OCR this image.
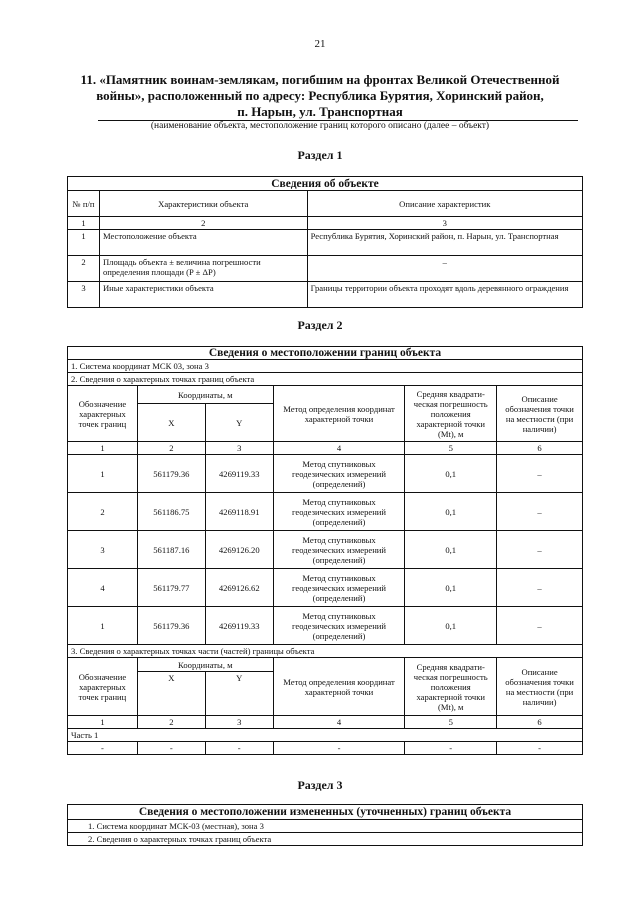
21
11. «Памятник воинам-землякам, погибшим на фронтах Великой Отечественной
войны», расположенный по адресу: Республика Бурятия, Хоринский район,
п. Нарын, ул. Транспортная
(наименование объекта, местоположение границ которого описано (далее – объект)
Раздел 1
Сведения об объекте		
№ п/п	Характеристики объекта	Описание характеристик
1	2	3
1	Местоположение объекта	Республика Бурятия, Хоринский район, п. Нарын, ул. Транспортная
2	Площадь объекта ± величина погрешности определения площади (P ± ΔP)	–
3	Иные характеристики объекта	Границы территории объекта проходят вдоль деревянного ограждения
Раздел 2
Сведения о местоположении границ объекта					
1. Система координат МСК 03, зона 3					
2. Сведения о характерных точках границ объекта					
Обозначение характерных точек границ	Координаты, м		Метод определения координат характерной точки	Средняя квадрати-ческая погрешность положения характерной точки (Mt), м	Описание обозначения точки на местности (при наличии)
	X	Y			
1	2	3	4	5	6
1	561179.36	4269119.33	Метод спутниковых геодезических измерений (определений)	0,1	–
2	561186.75	4269118.91	Метод спутниковых геодезических измерений (определений)	0,1	–
3	561187.16	4269126.20	Метод спутниковых геодезических измерений (определений)	0,1	–
4	561179.77	4269126.62	Метод спутниковых геодезических измерений (определений)	0,1	–
1	561179.36	4269119.33	Метод спутниковых геодезических измерений (определений)	0,1	–
3. Сведения о характерных точках части (частей) границы объекта					
Обозначение характерных точек границ	Координаты, м		Метод определения координат характерной точки	Средняя квадрати-ческая погрешность положения характерной точки (Mt), м	Описание обозначения точки на местности (при наличии)
	X	Y			
1	2	3	4	5	6
Часть 1					
-	-	-	-	-	-
Раздел 3
Сведения о местоположении измененных (уточненных) границ объекта
1. Система координат МСК-03 (местная), зона 3
2. Сведения о характерных точках границ объекта
